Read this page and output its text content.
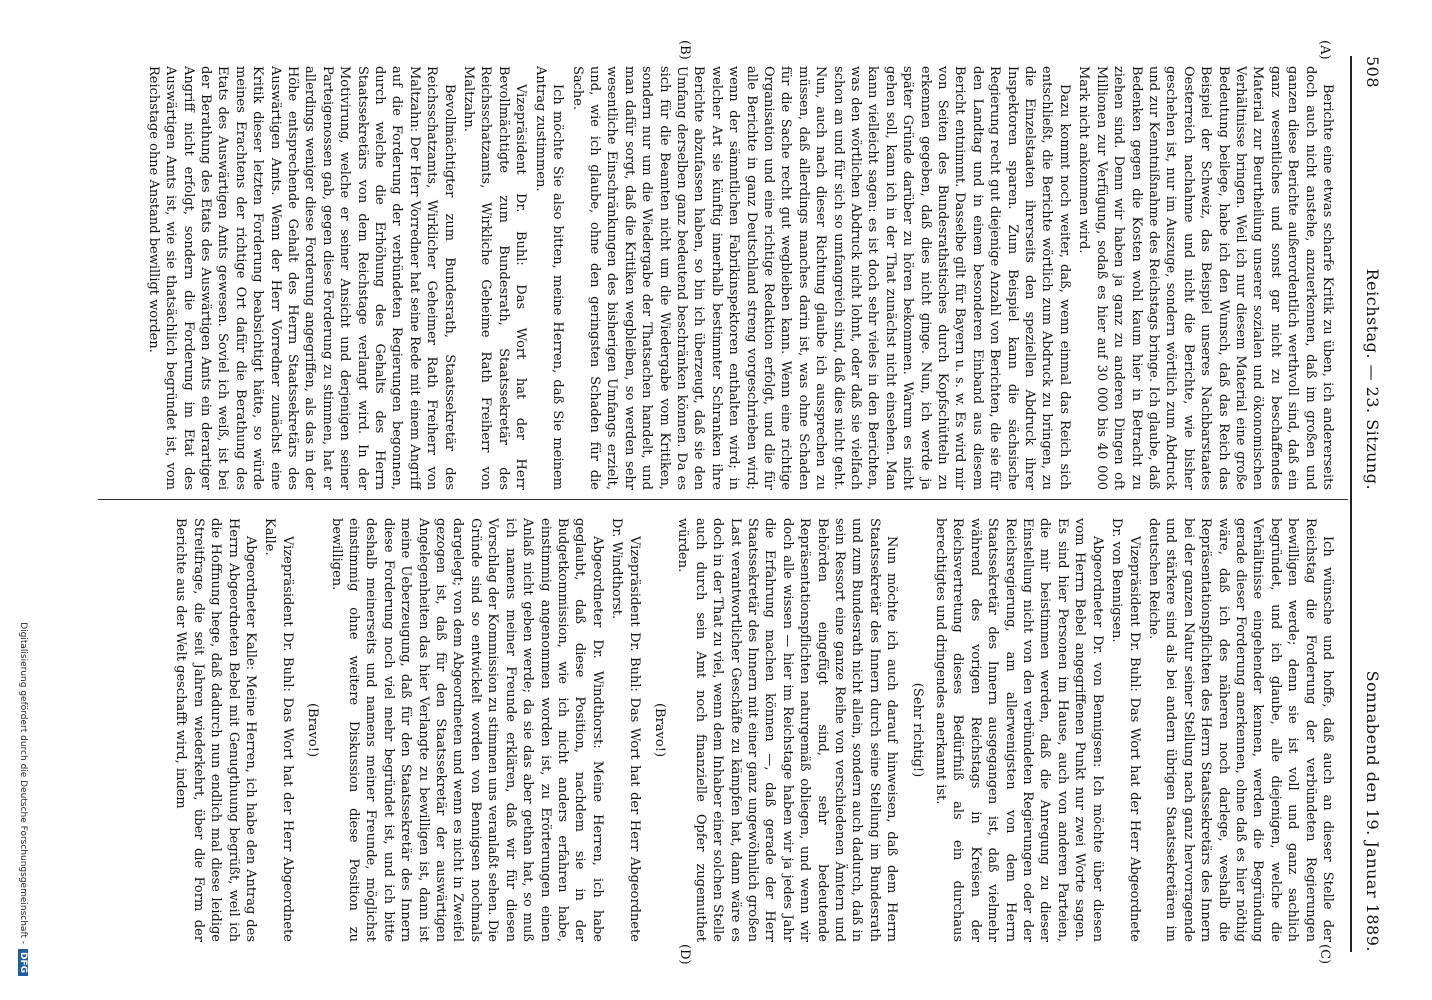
508
Reichstag. — 23. Sitzung.
Sonnabend den 19. Januar 1889.
(A)
(B)
(C)
(D)

Berichte eine etwas scharfe Kritik zu üben, ich andererseits doch auch nicht anstehe, anzuerkennen, daß im großen und ganzen diese Berichte außerordentlich werthvoll sind, daß ein ganz wesentliches und sonst gar nicht zu beschaffendes Material zur Beurtheilung unserer sozialen und ökonomischen Verhältnisse bringen. Weil ich nur diesem Material eine große Bedeutung beilege, habe ich den Wunsch, daß das Reich das Beispiel der Schweiz, das Beispiel unseres Nachbarstaates Oesterreich nachahme und nicht die Berichte, wie bisher geschehen ist, nur im Auszuge, sondern wörtlich zum Abdruck und zur Kenntnißnahme des Reichstags bringe. Ich glaube, daß Bedenken gegen die Kosten wohl kaum hier in Betracht zu ziehen sind. Denn wir haben ja ganz zu anderen Dingen oft Millionen zur Verfügung, sodaß es hier auf 30 000 bis 40 000 Mark nicht ankommen wird.

Dazu kommt noch weiter, daß, wenn einmal das Reich sich entschließt, die Berichte wörtlich zum Abdruck zu bringen, zu die Einzelstaaten ihrerseits den speziellen Abdruck ihrer Inspektoren sparen. Zum Beispiel kann die sächsische Regierung recht gut diejenige Anzahl von Berichten, die sie für den Landtag und in einem besonderen Einband aus diesem Bericht entnimmt. Dasselbe gilt für Bayern u. s. w. Es wird mir von Seiten des Bundesrathstisches durch Kopfschütteln zu erkennen gegeben, daß dies nicht ginge. Nun, ich werde ja später Gründe darüber zu hören bekommen. Warum es nicht gehen soll, kann ich in der That zunächst nicht einsehen. Man kann vielleicht sagen: es ist doch sehr vieles in den Berichten, was den wörtlichen Abdruck nicht lohnt, oder daß sie vielfach schon an und für sich so umfangreich sind, daß dies nicht geht. Nun, auch nach dieser Richtung glaube ich aussprechen zu müssen, daß allerdings manches darin ist, was ohne Schaden für die Sache recht gut wegbleiben kann. Wenn eine richtige Organisation und eine richtige Redaktion erfolgt, und die für alle Berichte in ganz Deutschland streng vorgeschrieben wird; wenn der sämmtlichen Fabrikinspektoren enthalten wird; in welcher Art sie künftig innerhalb bestimmter Schranken ihre Berichte abzufassen haben, so bin ich überzeugt, daß sie den Umfang derselben ganz bedeutend beschränken können. Da es sich für die Beamten nicht um die Wiedergabe vom Kritiken, sondern nur um die Wiedergabe der Thatsachen handelt, und man dafür sorgt, daß die Kritiken wegbleiben, so werden sehr wesentliche Einschränkungen des bisherigen Umfangs erzielt, und, wie ich glaube, ohne den geringsten Schaden für die Sache.

Ich möchte Sie also bitten, meine Herren, daß Sie meinem Antrag zustimmen.

Vizepräsident Dr. Buhl: Das Wort hat der Herr Bevollmächtigte zum Bundesrath, Staatssekretär des Reichsschatzamts, Wirkliche Geheime Rath Freiherr von Maltzahn.

Bevollmächtigter zum Bundesrath, Staatssekretär des Reichsschatzamts, Wirklicher Geheimer Rath Freiherr von Maltzahn: Der Herr Vorredner hat seine Rede mit einem Angriff auf die Forderung der verbündeten Regierungen begonnen, durch welche die Erhöhung des Gehalts des Herrn Staatssekretärs von dem Reichstage verlangt wird. In der Motivirung, welche er seiner Ansicht und derjenigen seiner Parteigenossen gab, gegen diese Forderung zu stimmen, hat er allerdings weniger diese Forderung angegriffen, als das in der Höhe entsprechende Gehalt des Herrn Staatssekretärs des Auswärtigen Amts. Wenn der Herr Vorredner zunächst eine Kritik dieser letzten Forderung beabsichtigt hätte, so würde meines Erachtens der richtige Ort dafür die Berathung des Etats des Auswärtigen Amts gewesen. Soviel ich weiß, ist bei der Berathung des Etats des Auswärtigen Amts ein derartiger Angriff nicht erfolgt, sondern die Forderung im Etat des Auswärtigen Amts ist, wie sie thatsächlich begründet ist, vom Reichstage ohne Anstand bewilligt worden.

Ich wünsche und hoffe, daß auch an dieser Stelle der Reichstag die Forderung der verbündeten Regierungen bewilligen werde; denn sie ist voll und ganz sachlich begründet, und ich glaube, alle diejenigen, welche die Verhältnisse eingehender kennen, werden die Begründung gerade dieser Forderung anerkennen, ohne daß es hier nöthig wäre, daß ich des näheren noch darlege, weshalb die Repräsentationspflichten des Herrn Staatssekretärs des Innern bei der ganzen Natur seiner Stellung nach ganz hervorragende und stärkere sind als bei andern übrigen Staatssekretären im deutschen Reiche.

Vizepräsident Dr. Buhl: Das Wort hat der Herr Abgeordnete Dr. von Bennigsen.

Abgeordneter Dr. von Bennigsen: Ich möchte über diesen vom Herrn Bebel angegriffenen Punkt nur zwei Worte sagen. Es sind hier Personen im Hause, auch von anderen Parteien, die mir beistimmen werden, daß die Anregung zu dieser Einstellung nicht von den verbündeten Regierungen oder der Reichsregierung, am allerwenigsten von dem Herrn Staatssekretär des Innern ausgegangen ist, daß vielmehr während des vorigen Reichstags in Kreisen der Reichsvertretung dieses Bedürfniß als ein durchaus berechtigtes und dringendes anerkannt ist.

(Sehr richtig!)

Nun möchte ich auch darauf hinweisen, daß dem Herrn Staatssekretär des Innern durch seine Stellung im Bundesrath und zum Bundesrath nicht allein, sondern auch dadurch, daß in sein Ressort eine ganze Reihe von verschiedenen Ämtern und Behörden eingefügt sind, sehr bedeutende Repräsentationspflichten naturgemäß obliegen, und wenn wir doch alle wissen — hier im Reichstage haben wir ja jedes Jahr die Erfahrung machen können —, daß gerade der Herr Staatssekretär des Innern mit einer ganz ungewöhnlich großen Last verantwortlicher Geschäfte zu kämpfen hat, dann wäre es doch in der That zu viel, wenn dem Inhaber einer solchen Stelle auch durch sein Amt noch finanzielle Opfer zugemuthet würden.

(Bravo!)

Vizepräsident Dr. Buhl: Das Wort hat der Herr Abgeordnete Dr. Windthorst.

Abgeordneter Dr. Windthorst: Meine Herren, ich habe geglaubt, daß diese Position, nachdem sie in der Budgetkommission, wie ich nicht anders erfahren habe, einstimmig angenommen worden ist, zu Erörterungen einen Anlaß nicht geben werde; da sie das aber gethan hat, so muß ich namens meiner Freunde erklären, daß wir für diesen Vorschlag der Kommission zu stimmen uns veranlaßt sehen. Die Gründe sind so entwickelt worden von Bennigsen nochmals dargelegt; von dem Abgeordneten und wenn es nicht in Zweifel gezogen ist, daß für den Staatssekretär der auswärtigen Angelegenheiten das hier Verlangte zu bewilligen ist, dann ist meine Ueberzeugung, daß für den Staatssekretär des Innern diese Forderung noch viel mehr begründet ist, und ich bitte deshalb meinerseits und namens meiner Freunde, möglichst einstimmig ohne weitere Diskussion diese Position zu bewilligen.

(Bravo!)

Vizepräsident Dr. Buhl: Das Wort hat der Herr Abgeordnete Kalle.

Abgeordneter Kalle: Meine Herren, ich habe den Antrag des Herrn Abgeordneten Bebel mit Genugthuung begrüßt, weil ich die Hoffnung hege, daß dadurch nun endlich mal diese leidige Streitfrage, die seit Jahren wiederkehrt, über die Form der Berichte aus der Welt geschafft wird, indem

Digitalisierung gefördert durch die Deutsche Forschungsgemeinschaft - DFG
